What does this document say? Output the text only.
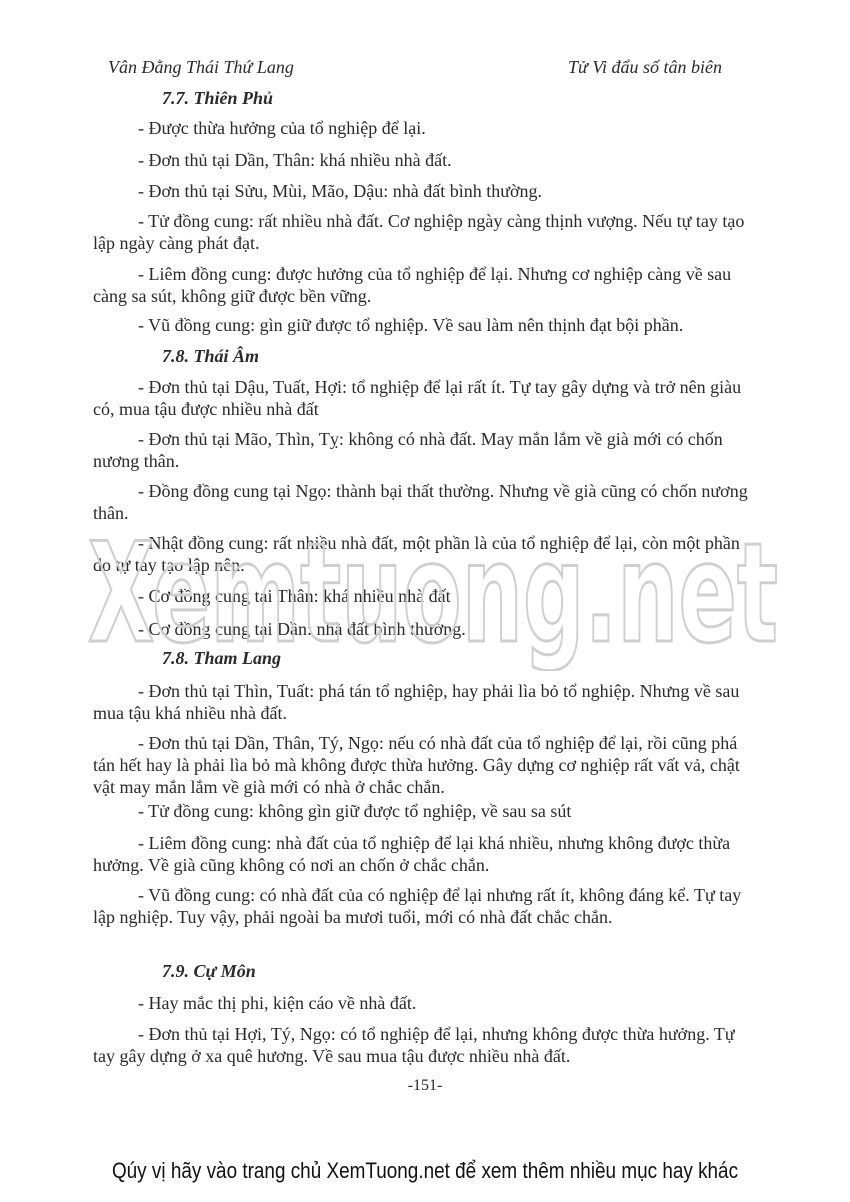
Vân Đằng Thái Thứ Lang	Tử Vi đẩu số tân biên
7.7. Thiên Phủ
- Được thừa hưởng của tổ nghiệp để lại.
- Đơn thủ tại Dần, Thân: khá nhiều nhà đất.
- Đơn thủ tại Sửu, Mùi, Mão, Dậu: nhà đất bình thường.
- Tử đồng cung: rất nhiều nhà đất. Cơ nghiệp ngày càng thịnh vượng. Nếu tự tay tạo lập ngày càng phát đạt.
- Liêm đồng cung: được hưởng của tổ nghiệp để lại. Nhưng cơ nghiệp càng về sau càng sa sút, không giữ được bền vững.
- Vũ đồng cung: gìn giữ được tổ nghiệp. Về sau làm nên thịnh đạt bội phần.
7.8. Thái Âm
- Đơn thủ tại Dậu, Tuất, Hợi: tổ nghiệp để lại rất ít. Tự tay gây dựng và trở nên giàu có, mua tậu được nhiều nhà đất
- Đơn thủ tại Mão, Thìn, Tỵ: không có nhà đất. May mắn lắm về già mới có chốn nương thân.
- Đồng đồng cung tại Ngọ: thành bại thất thường. Nhưng về già cũng có chốn nương thân.
- Nhật đồng cung: rất nhiều nhà đất, một phần là của tổ nghiệp để lại, còn một phần do tự tay tạo lập nên.
- Cơ đồng cung tại Thân: khá nhiều nhà đất
- Cơ đồng cung tại Dần: nhà đất bình thường.
7.8. Tham Lang
- Đơn thủ tại Thìn, Tuất: phá tán tổ nghiệp, hay phải lìa bỏ tổ nghiệp. Nhưng về sau mua tậu khá nhiều nhà đất.
- Đơn thủ tại Dần, Thân, Tý, Ngọ: nếu có nhà đất của tổ nghiệp để lại, rồi cũng phá tán hết hay là phải lìa bỏ mà không được thừa hưởng. Gây dựng cơ nghiệp rất vất vả, chật vật may mắn lắm về già mới có nhà ở chắc chắn.
- Tử đồng cung: không gìn giữ được tổ nghiệp, về sau sa sút
- Liêm đồng cung: nhà đất của tổ nghiệp để lại khá nhiều, nhưng không được thừa hưởng. Về già cũng không có nơi an chốn ở chắc chắn.
- Vũ đồng cung: có nhà đất của có nghiệp để lại nhưng rất ít, không đáng kể. Tự tay lập nghiệp. Tuy vậy, phải ngoài ba mươi tuổi, mới có nhà đất chắc chắn.
7.9. Cự Môn
- Hay mắc thị phi, kiện cáo về nhà đất.
- Đơn thủ tại Hợi, Tý, Ngọ: có tổ nghiệp để lại, nhưng không được thừa hưởng. Tự tay gây dựng ở xa quê hương. Về sau mua tậu được nhiều nhà đất.
-151-
Xemtuong.net
Qúy vị hãy vào trang chủ XemTuong.net để xem thêm nhiều mục hay khác
